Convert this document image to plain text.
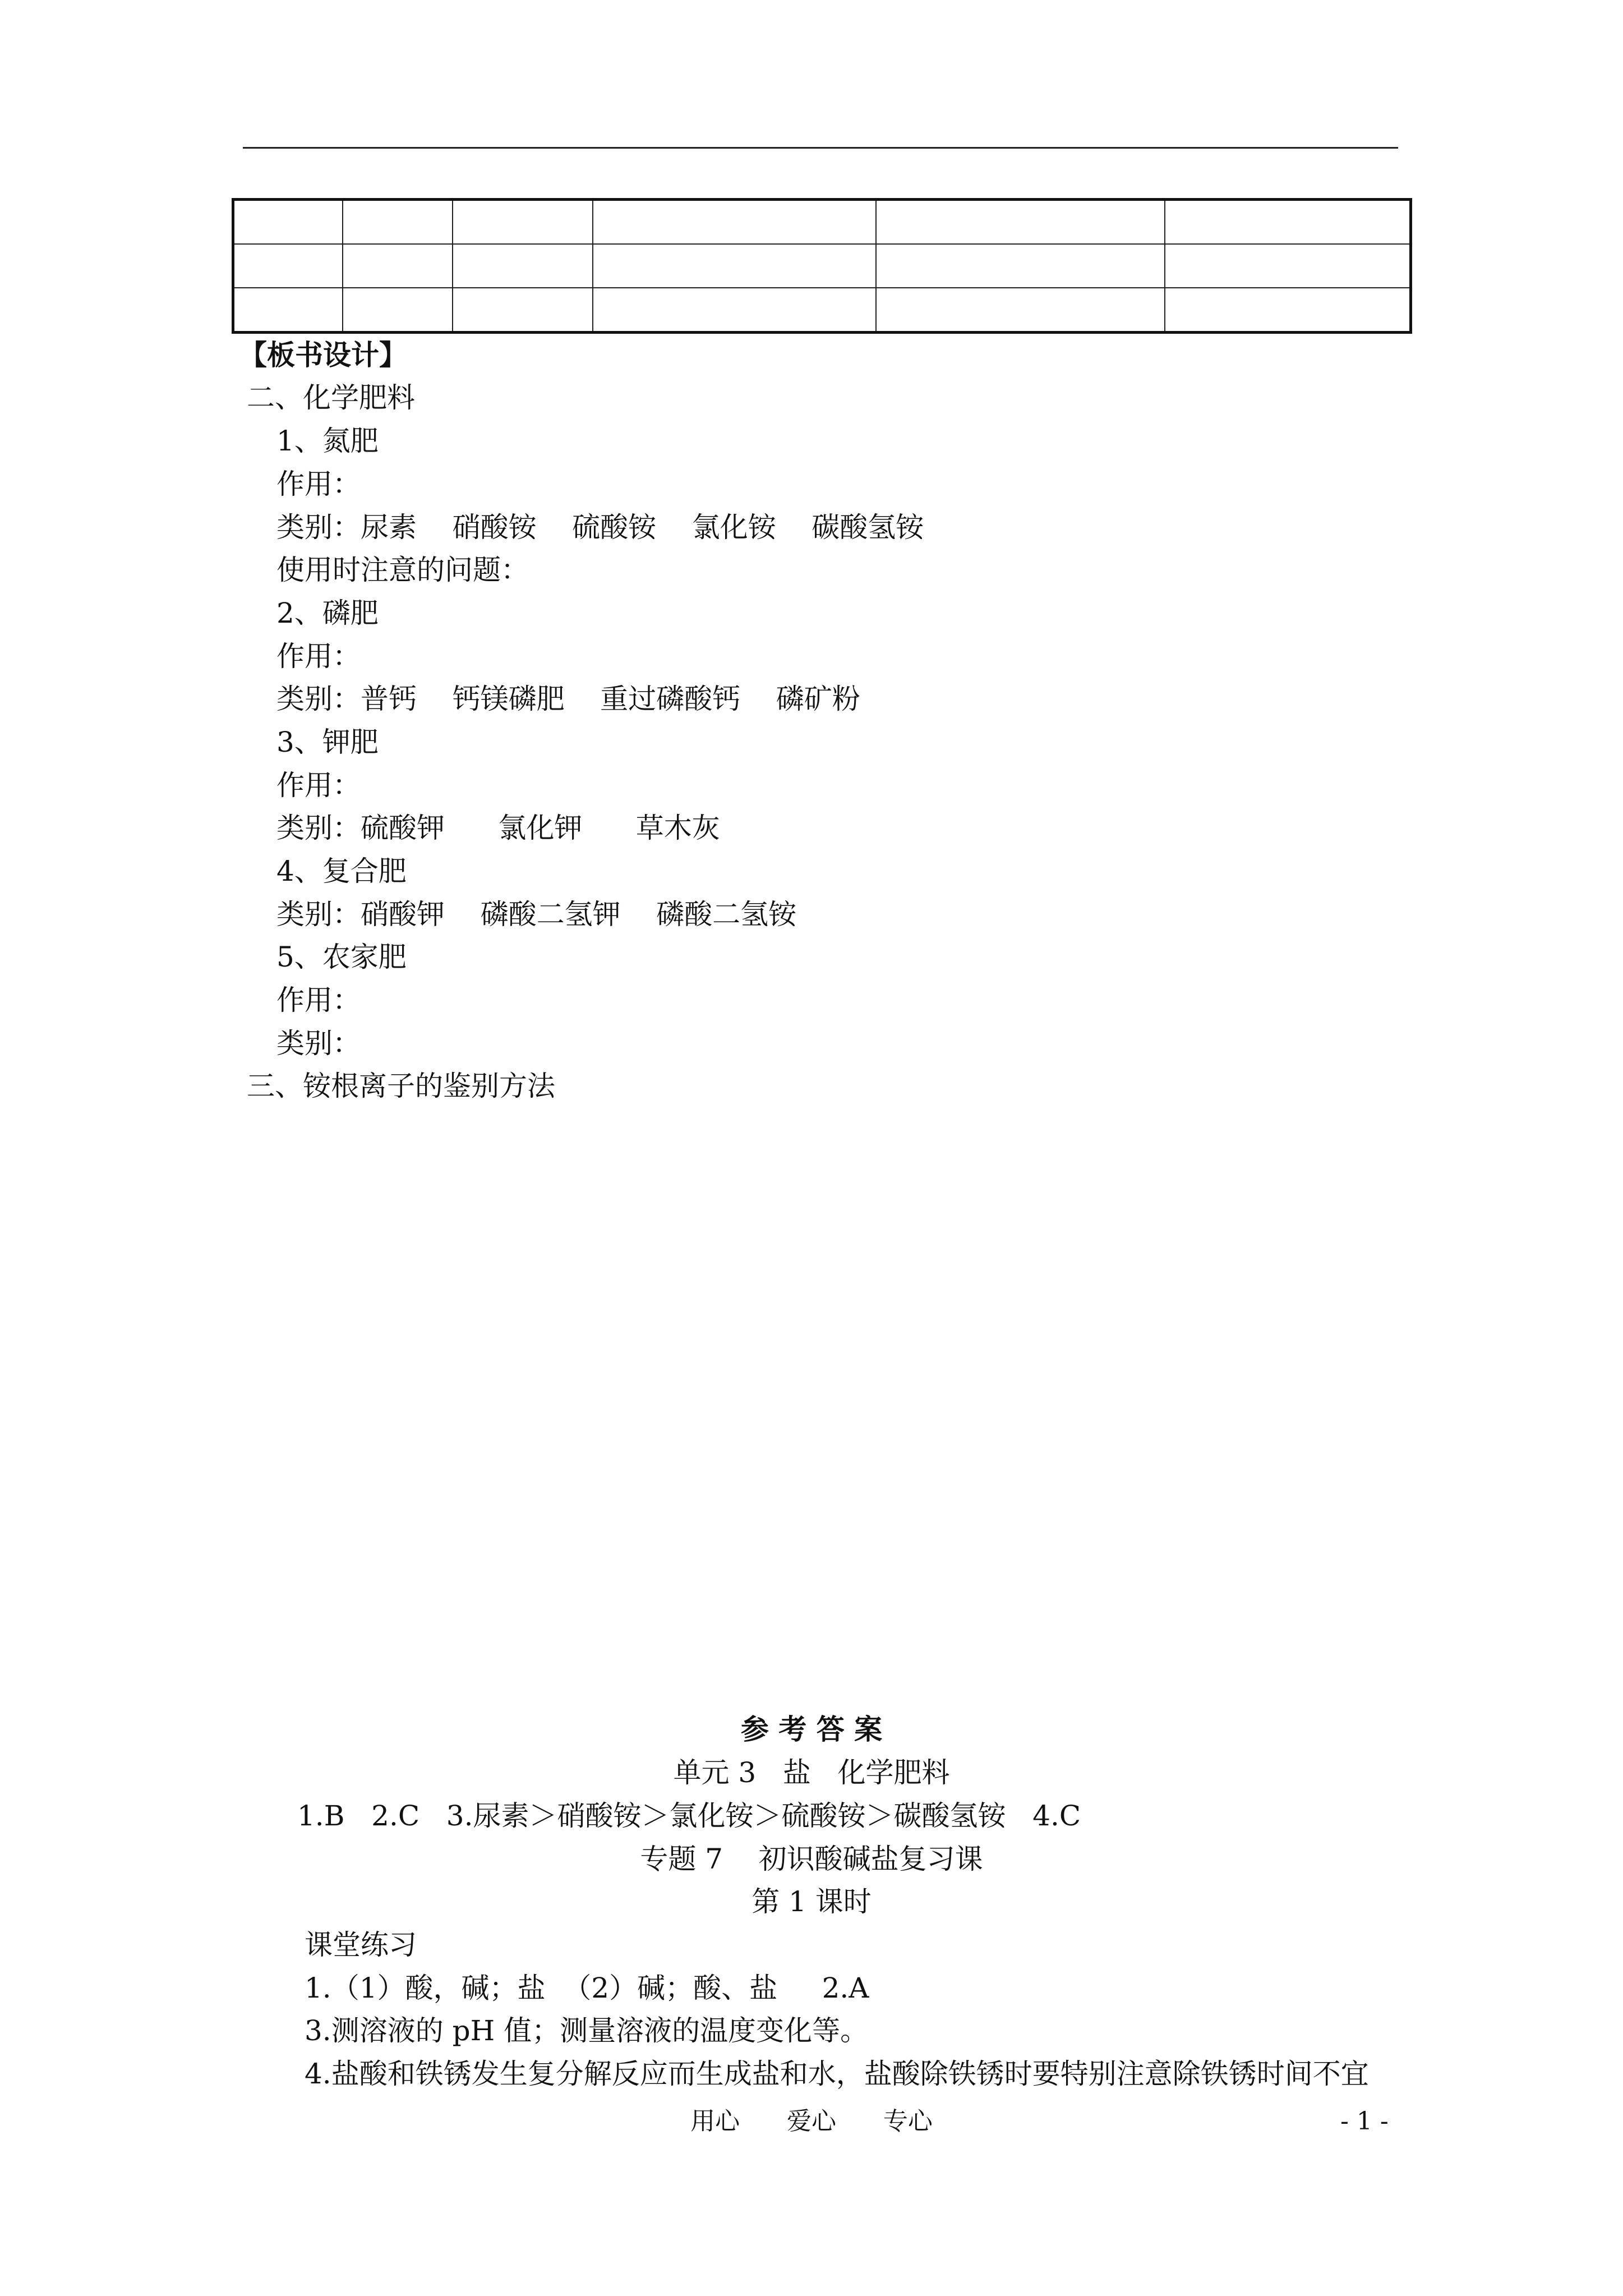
【板书设计】
二、化学肥料
1、氮肥
作用：
类别：尿素    硝酸铵    硫酸铵    氯化铵    碳酸氢铵
使用时注意的问题：
2、磷肥
作用：
类别：普钙    钙镁磷肥    重过磷酸钙    磷矿粉
3、钾肥
作用：
类别：硫酸钾      氯化钾      草木灰
4、复合肥
类别：硝酸钾    磷酸二氢钾    磷酸二氢铵
5、农家肥
作用：
类别：
三、铵根离子的鉴别方法
参 考 答 案
单元 3   盐   化学肥料
1.B   2.C   3.尿素＞硝酸铵＞氯化铵＞硫酸铵＞碳酸氢铵   4.C
专题 7    初识酸碱盐复习课
第 1 课时
课堂练习
1.（1）酸，碱；盐  （2）碱；酸、盐     2.A
3.测溶液的 pH 值；测量溶液的温度变化等。
4.盐酸和铁锈发生复分解反应而生成盐和水，盐酸除铁锈时要特别注意除铁锈时间不宜
用心      爱心      专心	- 1 -
